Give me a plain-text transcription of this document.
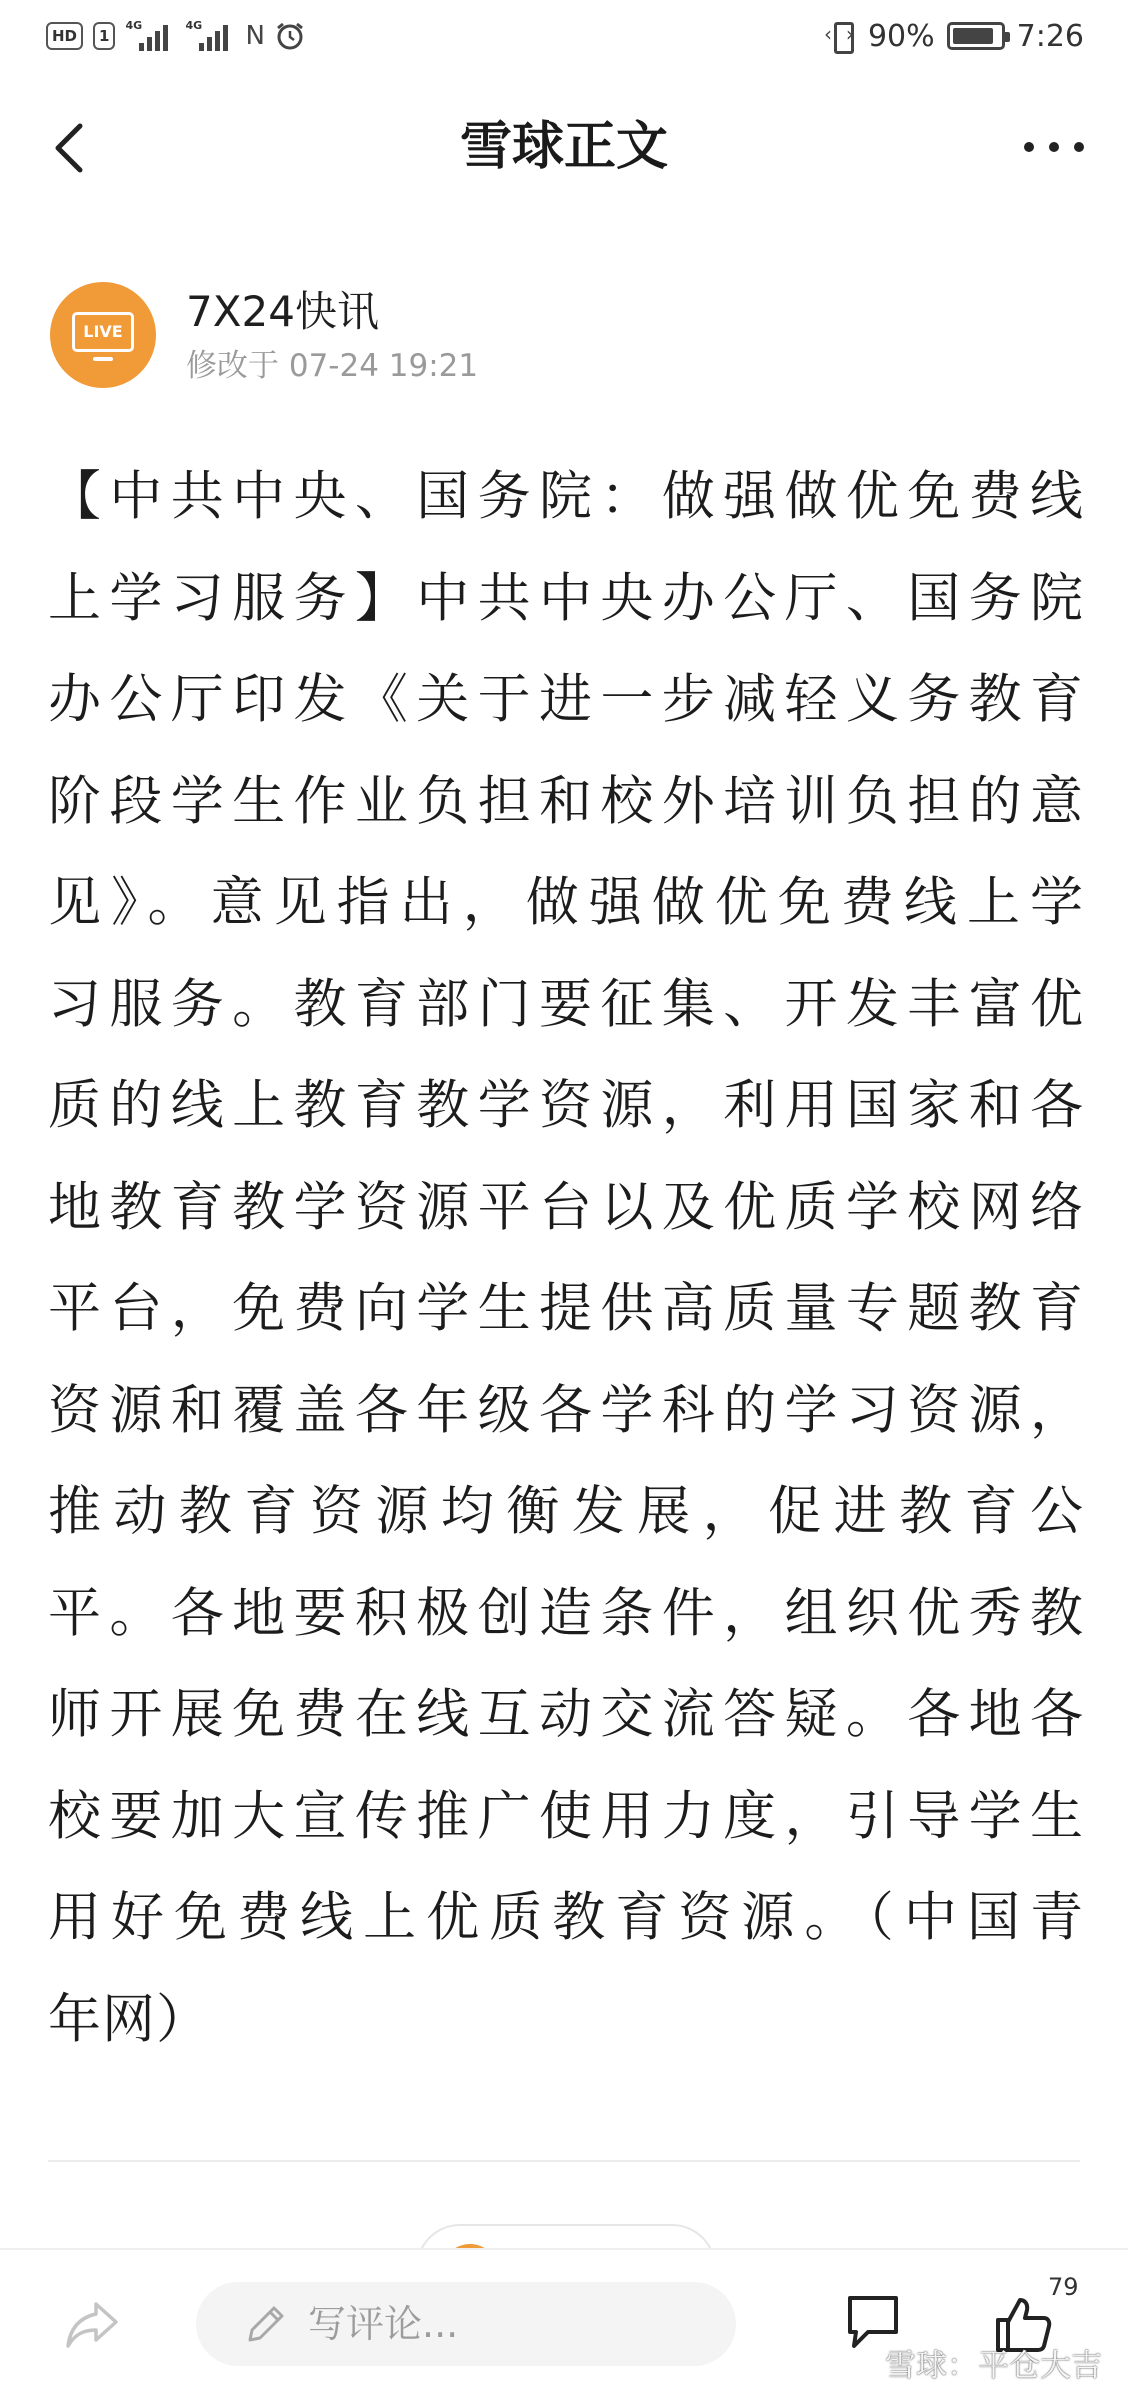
HD	1
4G	4G N
‹›	90%	7:26
雪球正文
LIVE 7X24快讯
修改于 07-24 19:21
【中共中央、国务院：做强做优免费线
上学习服务】中共中央办公厅、国务院
办公厅印发《关于进一步减轻义务教育
阶段学生作业负担和校外培训负担的意
见》。意见指出，做强做优免费线上学
习服务。教育部门要征集、开发丰富优
质的线上教育教学资源，利用国家和各
地教育教学资源平台以及优质学校网络
平台，免费向学生提供高质量专题教育
资源和覆盖各年级各学科的学习资源，
推动教育资源均衡发展，促进教育公
平。各地要积极创造条件，组织优秀教
师开展免费在线互动交流答疑。各地各
校要加大宣传推广使用力度，引导学生
用好免费线上优质教育资源。（中国青
年网）
写评论...
79
雪球：平仓大吉
